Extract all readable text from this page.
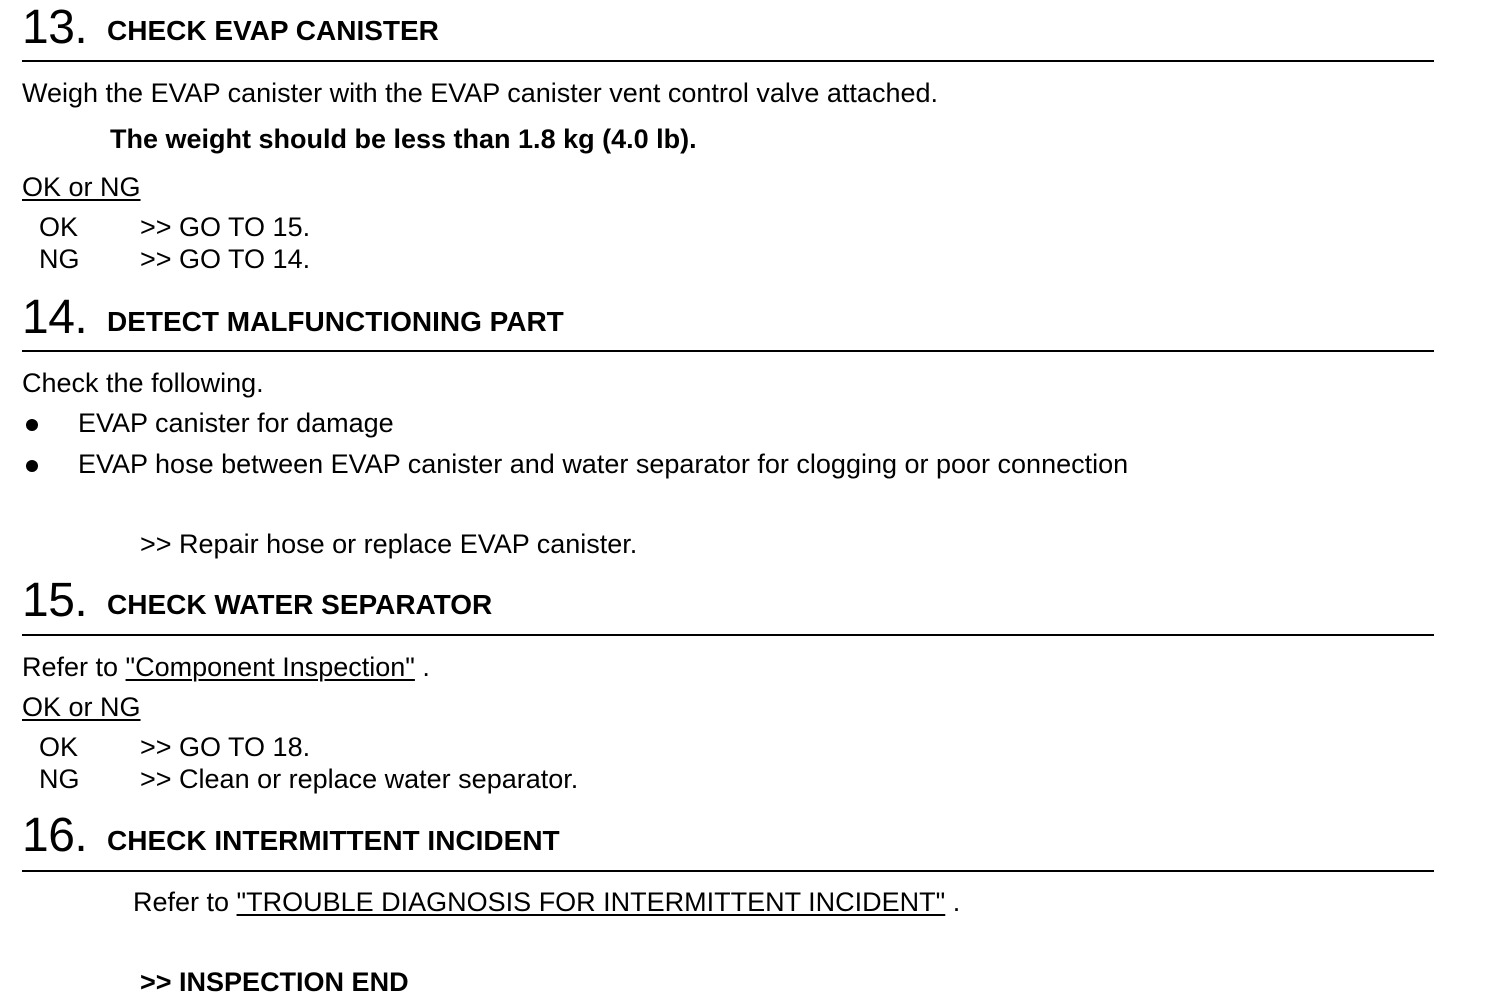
13. CHECK EVAP CANISTER
Weigh the EVAP canister with the EVAP canister vent control valve attached.
The weight should be less than 1.8 kg (4.0 lb).
OK or NG
OK >> GO TO 15.
NG >> GO TO 14.
14. DETECT MALFUNCTIONING PART
Check the following.
EVAP canister for damage
EVAP hose between EVAP canister and water separator for clogging or poor connection
>> Repair hose or replace EVAP canister.
15. CHECK WATER SEPARATOR
Refer to "Component Inspection" .
OK or NG
OK >> GO TO 18.
NG >> Clean or replace water separator.
16. CHECK INTERMITTENT INCIDENT
Refer to "TROUBLE DIAGNOSIS FOR INTERMITTENT INCIDENT" .
>> INSPECTION END
